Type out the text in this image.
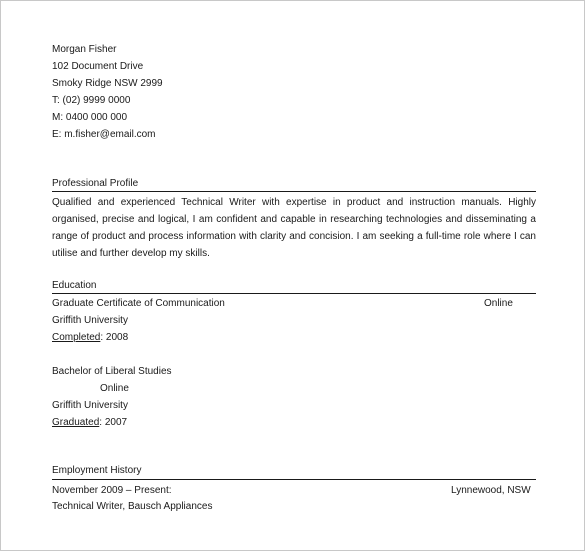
Morgan Fisher
102 Document Drive
Smoky Ridge NSW 2999
T: (02) 9999 0000
M: 0400 000 000
E: m.fisher@email.com
Professional Profile
Qualified and experienced Technical Writer with expertise in product and instruction manuals. Highly organised, precise and logical, I am confident and capable in researching technologies and disseminating a range of product and process information with clarity and concision. I am seeking a full-time role where I can utilise and further develop my skills.
Education
Graduate Certificate of Communication	Online
Griffith University
Completed: 2008
Bachelor of Liberal Studies
Online
Griffith University
Graduated: 2007
Employment History
November 2009 – Present:	Lynnewood, NSW
Technical Writer, Bausch Appliances
